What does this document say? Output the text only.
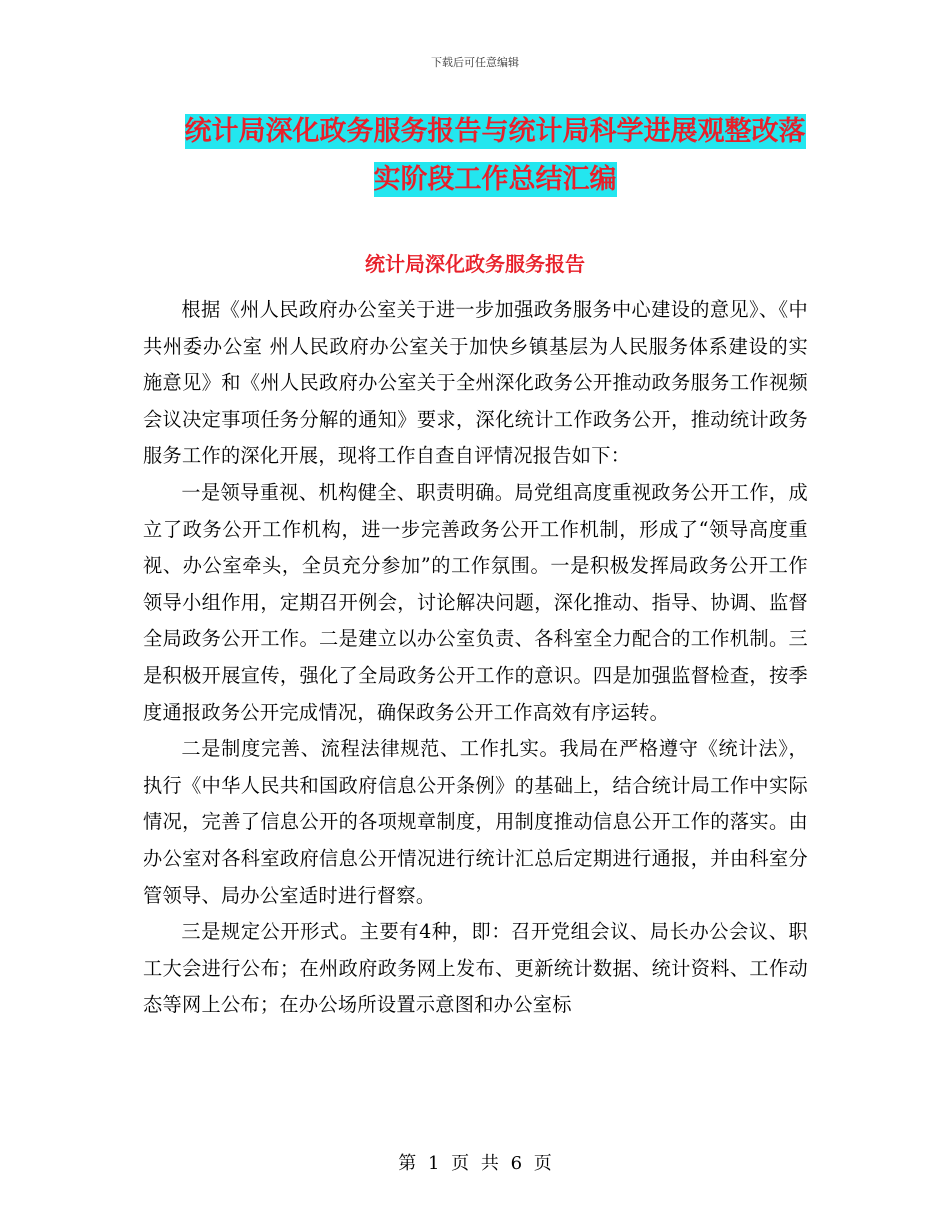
下载后可任意编辑
统计局深化政务服务报告与统计局科学进展观整改落
实阶段工作总结汇编
统计局深化政务服务报告

根据《州人民政府办公室关于进一步加强政务服务中心建设的意见》、《中共州委办公室 州人民政府办公室关于加快乡镇基层为人民服务体系建设的实施意见》和《州人民政府办公室关于全州深化政务公开推动政务服务工作视频会议决定事项任务分解的通知》要求，深化统计工作政务公开，推动统计政务服务工作的深化开展，现将工作自查自评情况报告如下：

一是领导重视、机构健全、职责明确。局党组高度重视政务公开工作，成立了政务公开工作机构，进一步完善政务公开工作机制，形成了“领导高度重视、办公室牵头，全员充分参加”的工作氛围。一是积极发挥局政务公开工作领导小组作用，定期召开例会，讨论解决问题，深化推动、指导、协调、监督全局政务公开工作。二是建立以办公室负责、各科室全力配合的工作机制。三是积极开展宣传，强化了全局政务公开工作的意识。四是加强监督检查，按季度通报政务公开完成情况，确保政务公开工作高效有序运转。

二是制度完善、流程法律规范、工作扎实。我局在严格遵守《统计法》，执行《中华人民共和国政府信息公开条例》的基础上，结合统计局工作中实际情况，完善了信息公开的各项规章制度，用制度推动信息公开工作的落实。由办公室对各科室政府信息公开情况进行统计汇总后定期进行通报，并由科室分管领导、局办公室适时进行督察。

三是规定公开形式。主要有4种，即：召开党组会议、局长办公会议、职工大会进行公布；在州政府政务网上发布、更新统计数据、统计资料、工作动态等网上公布；在办公场所设置示意图和办公室标

第 1 页 共 6 页
